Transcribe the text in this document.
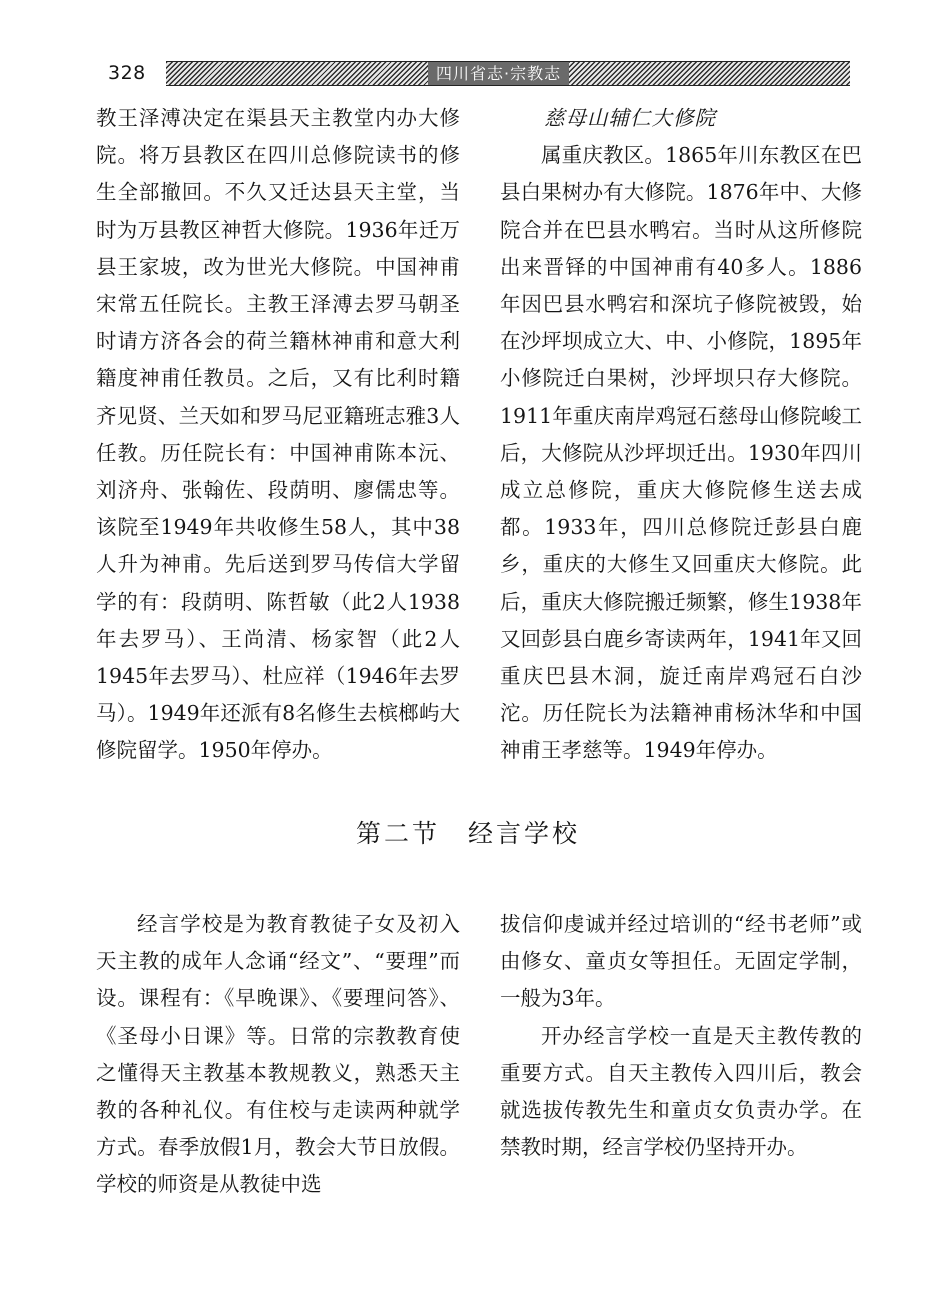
328	四川省志·宗教志

教王泽溥决定在渠县天主教堂内办大修院。将万县教区在四川总修院读书的修生全部撤回。不久又迁达县天主堂，当时为万县教区神哲大修院。1936年迁万县王家坡，改为世光大修院。中国神甫宋常五任院长。主教王泽溥去罗马朝圣时请方济各会的荷兰籍林神甫和意大利籍度神甫任教员。之后，又有比利时籍齐见贤、兰天如和罗马尼亚籍班志雅3人任教。历任院长有：中国神甫陈本沅、刘济舟、张翰佐、段荫明、廖儒忠等。该院至1949年共收修生58人，其中38人升为神甫。先后送到罗马传信大学留学的有：段荫明、陈哲敏（此2人1938年去罗马）、王尚清、杨家智（此2人1945年去罗马）、杜应祥（1946年去罗马）。1949年还派有8名修生去槟榔屿大修院留学。1950年停办。

慈母山辅仁大修院

属重庆教区。1865年川东教区在巴县白果树办有大修院。1876年中、大修院合并在巴县水鸭宕。当时从这所修院出来晋铎的中国神甫有40多人。1886年因巴县水鸭宕和深坑子修院被毁，始在沙坪坝成立大、中、小修院，1895年小修院迁白果树，沙坪坝只存大修院。1911年重庆南岸鸡冠石慈母山修院峻工后，大修院从沙坪坝迁出。1930年四川成立总修院，重庆大修院修生送去成都。1933年，四川总修院迁彭县白鹿乡，重庆的大修生又回重庆大修院。此后，重庆大修院搬迁频繁，修生1938年又回彭县白鹿乡寄读两年，1941年又回重庆巴县木洞，旋迁南岸鸡冠石白沙沱。历任院长为法籍神甫杨沐华和中国神甫王孝慈等。1949年停办。

第二节　经言学校

经言学校是为教育教徒子女及初入天主教的成年人念诵“经文”、“要理”而设。课程有：《早晚课》、《要理问答》、《圣母小日课》等。日常的宗教教育使之懂得天主教基本教规教义，熟悉天主教的各种礼仪。有住校与走读两种就学方式。春季放假1月，教会大节日放假。学校的师资是从教徒中选

拔信仰虔诚并经过培训的“经书老师”或由修女、童贞女等担任。无固定学制，一般为3年。

开办经言学校一直是天主教传教的重要方式。自天主教传入四川后，教会就选拔传教先生和童贞女负责办学。在禁教时期，经言学校仍坚持开办。
